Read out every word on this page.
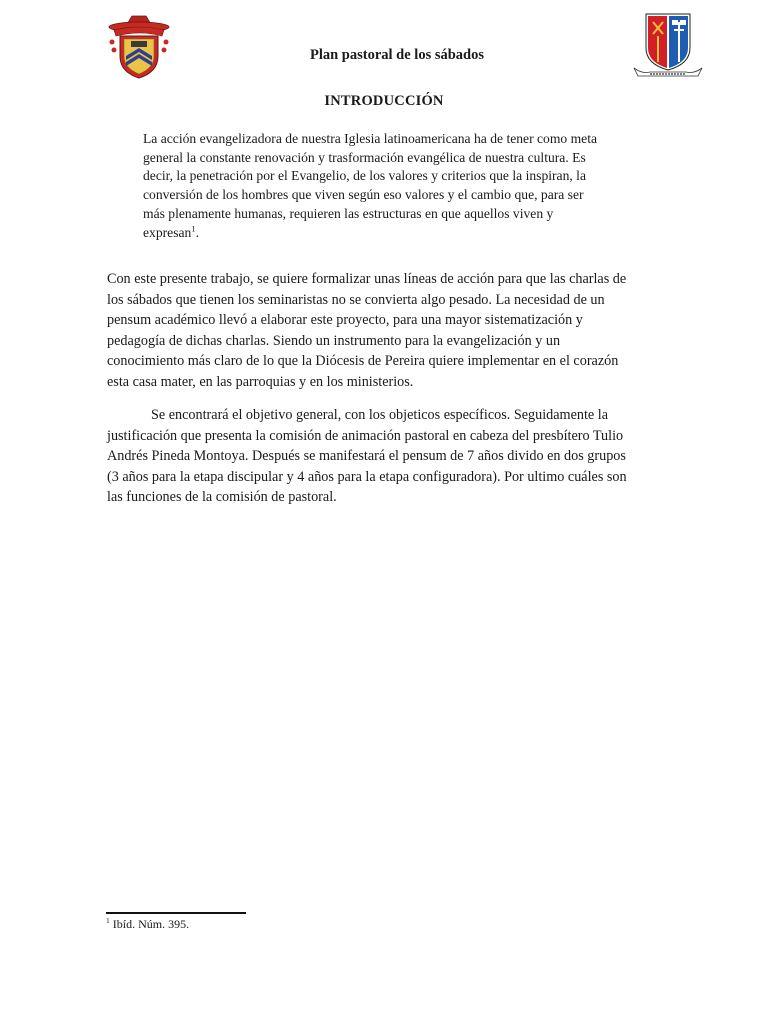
Plan pastoral de los sábados
INTRODUCCIÓN

La acción evangelizadora de nuestra Iglesia latinoamericana ha de tener como meta general la constante renovación y trasformación evangélica de nuestra cultura. Es decir, la penetración por el Evangelio, de los valores y criterios que la inspiran, la conversión de los hombres que viven según eso valores y el cambio que, para ser más plenamente humanas, requieren las estructuras en que aquellos viven y expresan$^1$.

Con este presente trabajo, se quiere formalizar unas líneas de acción para que las charlas de los sábados que tienen los seminaristas no se convierta algo pesado. La necesidad de un pensum académico llevó a elaborar este proyecto, para una mayor sistematización y pedagogía de dichas charlas. Siendo un instrumento para la evangelización y un conocimiento más claro de lo que la Diócesis de Pereira quiere implementar en el corazón esta casa mater, en las parroquias y en los ministerios.

Se encontrará el objetivo general, con los objeticos específicos. Seguidamente la justificación que presenta la comisión de animación pastoral en cabeza del presbítero Tulio Andrés Pineda Montoya. Después se manifestará el pensum de 7 años divido en dos grupos (3 años para la etapa discipular y 4 años para la etapa configuradora). Por ultimo cuáles son las funciones de la comisión de pastoral.

$^1$ Ibíd. Núm. 395.
